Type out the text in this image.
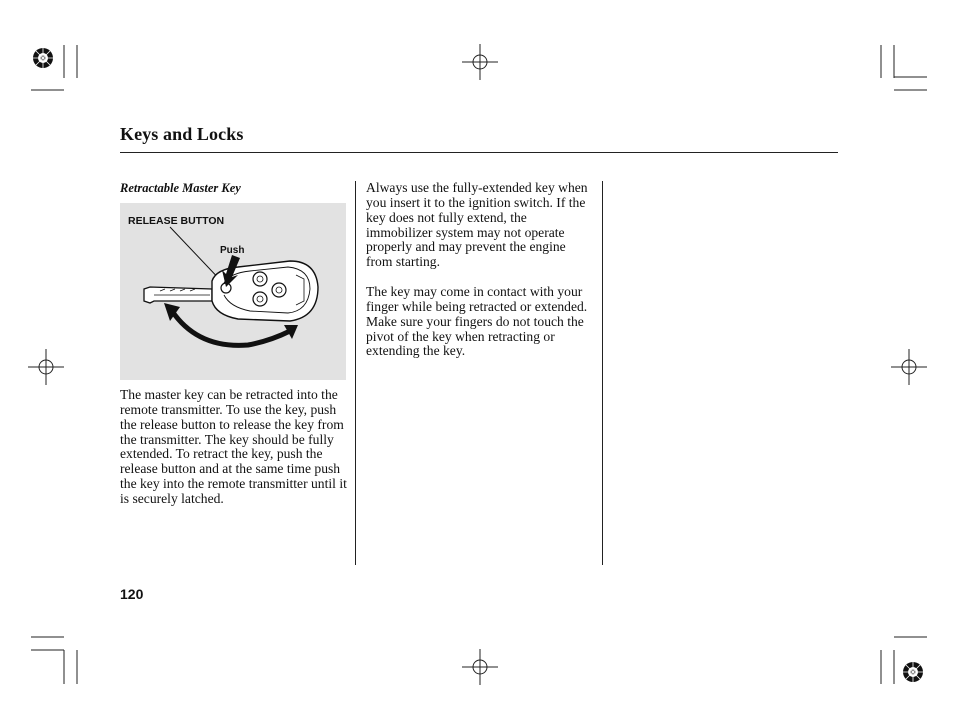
Keys and Locks
Retractable Master Key
RELEASE BUTTON
Push
The master key can be retracted into the remote transmitter. To use the key, push the release button to release the key from the transmitter. The key should be fully extended. To retract the key, push the release button and at the same time push the key into the remote transmitter until it is securely latched.
Always use the fully-extended key when you insert it to the ignition switch. If the key does not fully extend, the immobilizer system may not operate properly and may prevent the engine from starting.
The key may come in contact with your finger while being retracted or extended. Make sure your fingers do not touch the pivot of the key when retracting or extending the key.
120
